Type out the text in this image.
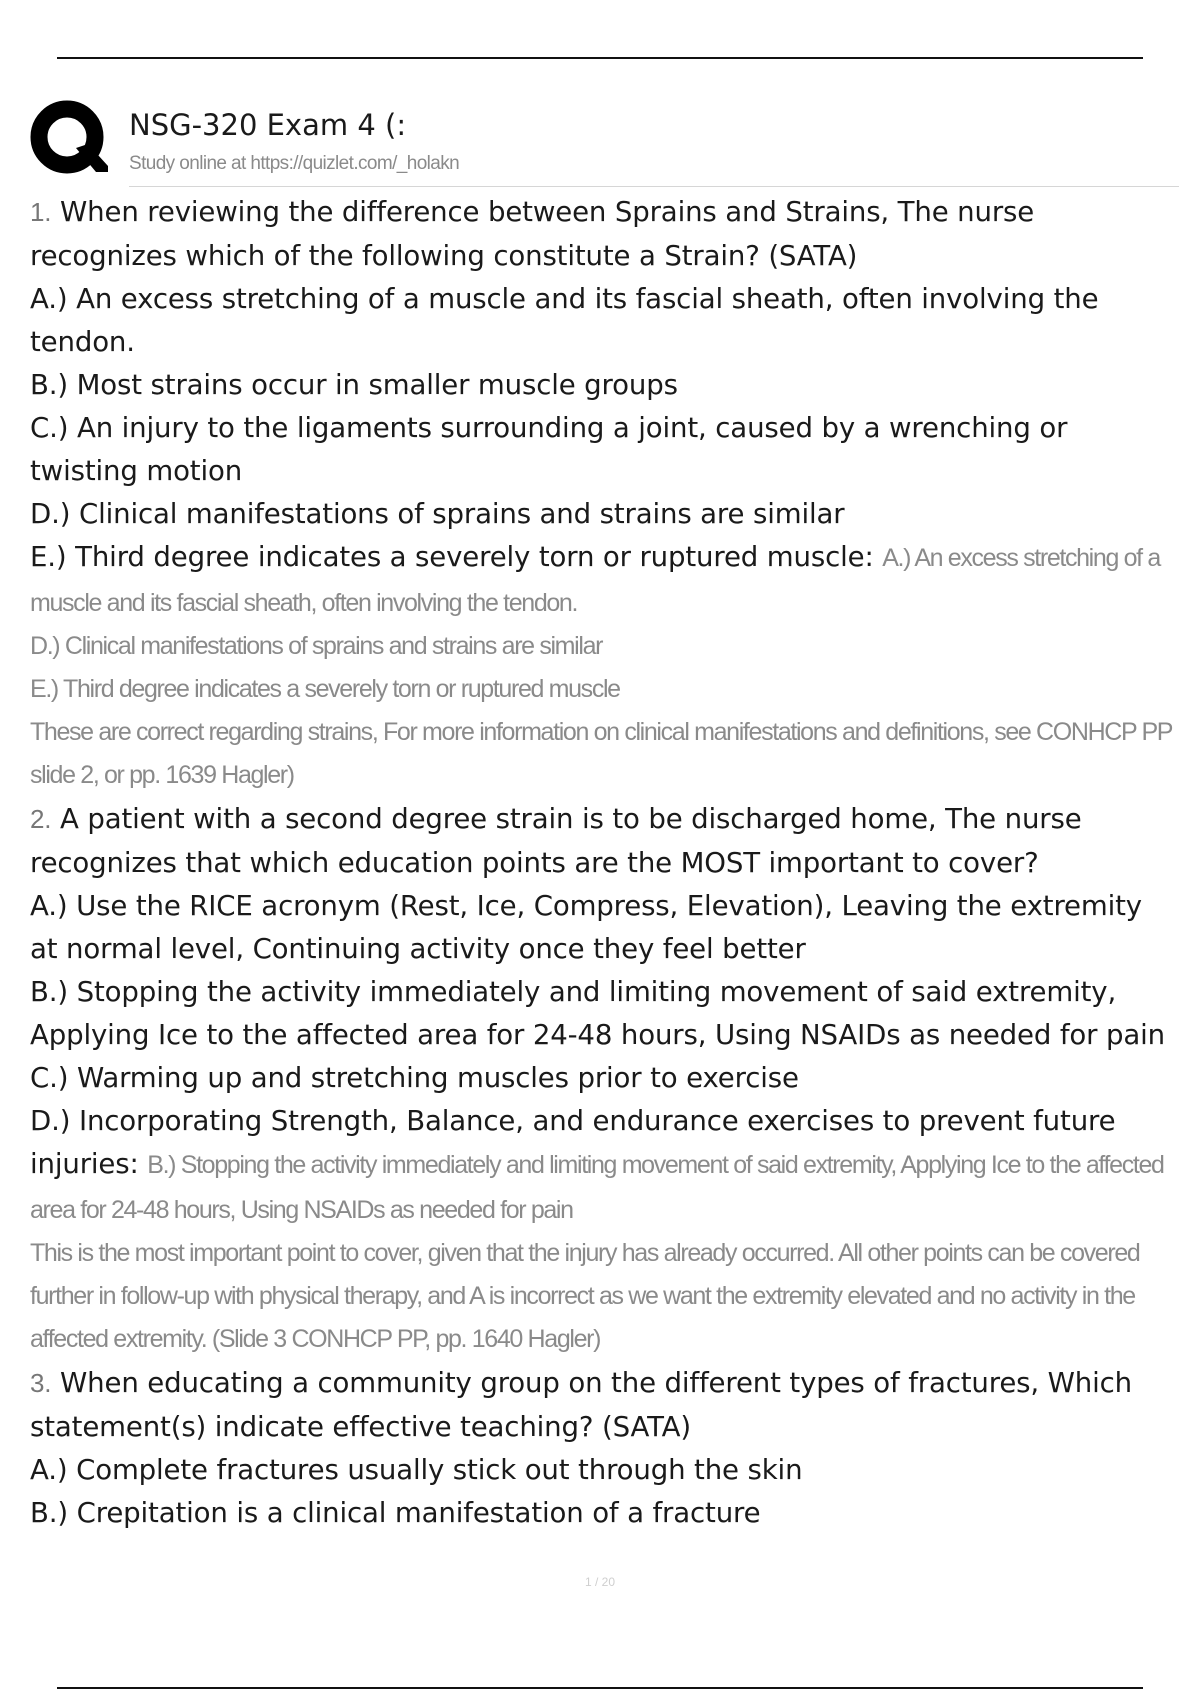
NSG-320 Exam 4 (:
Study online at https://quizlet.com/_holakn

1. When reviewing the difference between Sprains and Strains, The nurse recognizes which of the following constitute a Strain? (SATA)

A.) An excess stretching of a muscle and its fascial sheath, often involving the tendon.

B.) Most strains occur in smaller muscle groups

C.) An injury to the ligaments surrounding a joint, caused by a wrenching or twisting motion

D.) Clinical manifestations of sprains and strains are similar

E.) Third degree indicates a severely torn or ruptured muscle: A.) An excess stretching of a muscle and its fascial sheath, often involving the tendon.

D.) Clinical manifestations of sprains and strains are similar

E.) Third degree indicates a severely torn or ruptured muscle

These are correct regarding strains, For more information on clinical manifestations and definitions, see CONHCP PP slide 2, or pp. 1639 Hagler)

2. A patient with a second degree strain is to be discharged home, The nurse recognizes that which education points are the MOST important to cover?

A.) Use the RICE acronym (Rest, Ice, Compress, Elevation), Leaving the extremity at normal level, Continuing activity once they feel better

B.) Stopping the activity immediately and limiting movement of said extremity, Applying Ice to the affected area for 24-48 hours, Using NSAIDs as needed for pain

C.) Warming up and stretching muscles prior to exercise

D.) Incorporating Strength, Balance, and endurance exercises to prevent future injuries: B.) Stopping the activity immediately and limiting movement of said extremity, Applying Ice to the affected area for 24-48 hours, Using NSAIDs as needed for pain

This is the most important point to cover, given that the injury has already occurred. All other points can be covered further in follow-up with physical therapy, and A is incorrect as we want the extremity elevated and no activity in the affected extremity. (Slide 3 CONHCP PP, pp. 1640 Hagler)

3. When educating a community group on the different types of fractures, Which statement(s) indicate effective teaching? (SATA)

A.) Complete fractures usually stick out through the skin

B.) Crepitation is a clinical manifestation of a fracture

1 / 20
